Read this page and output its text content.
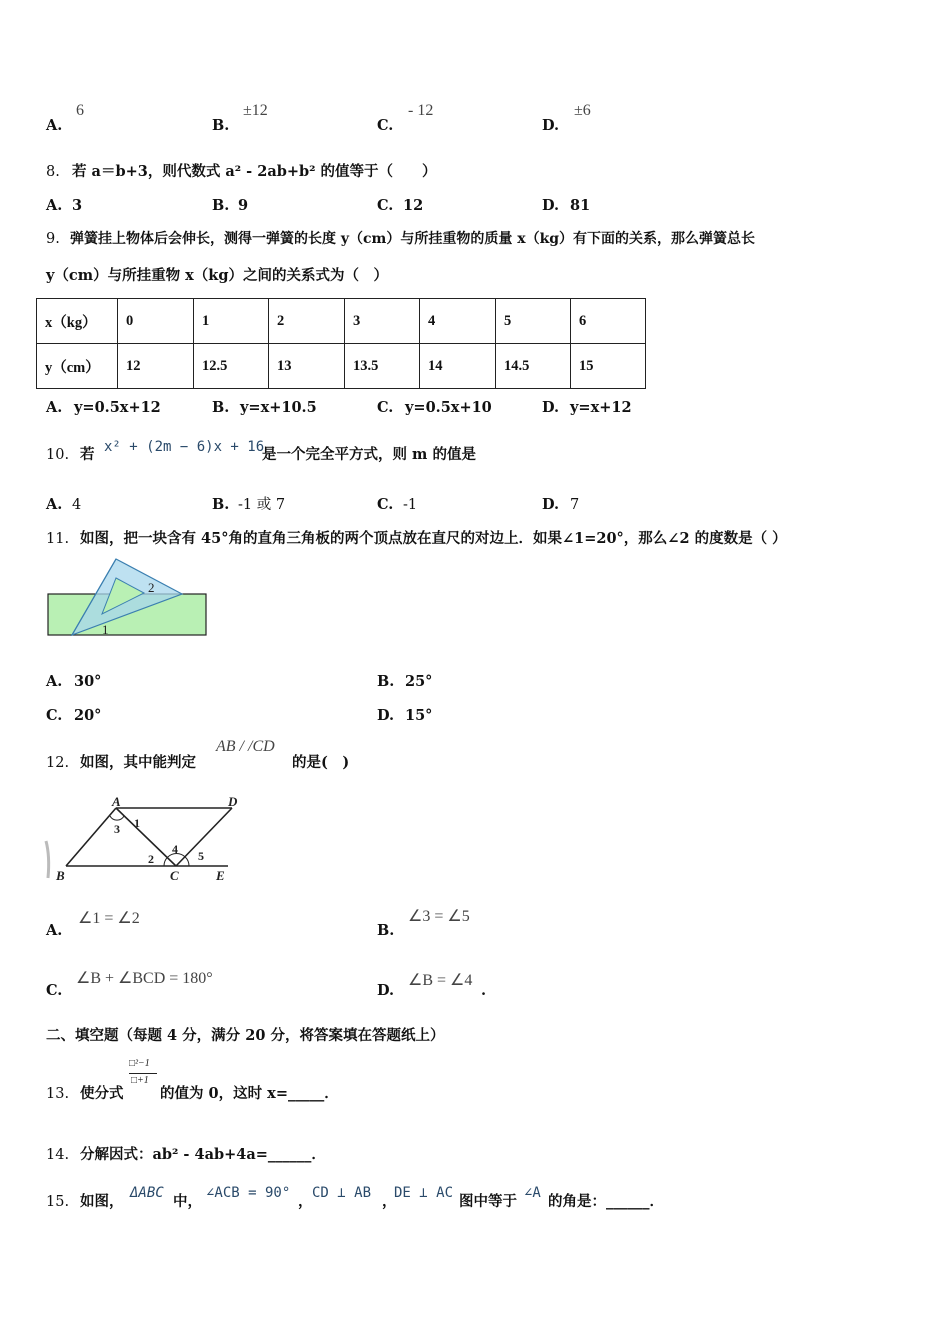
A.
6
B.
±12
C.
- 12
D.
±6
8. 若 a＝b+3，则代数式 a² - 2ab+b² 的值等于（　　）
A. 3	B. 9	C. 12	D. 81
9. 弹簧挂上物体后会伸长，测得一弹簧的长度 y（cm）与所挂重物的质量 x（kg）有下面的关系，那么弹簧总长
y（cm）与所挂重物 x（kg）之间的关系式为（　）
x（kg）	0	1	2	3	4	5	6
y（cm）	12	12.5	13	13.5	14	14.5	15
A. y=0.5x+12	B. y=x+10.5	C. y=0.5x+10	D. y=x+12
10. 若 x² + (2m − 6)x + 16
是一个完全平方式，则 m 的值是
A. 4	B. -1 或 7	C. -1	D. 7
11. 如图，把一块含有 45°角的直角三角板的两个顶点放在直尺的对边上．如果∠1=20°，那么∠2 的度数是（ ）
2
1
A. 30°	B. 25°
C. 20°	D. 15°
12. 如图，其中能判定
AB / /CD
的是(　)
A	D
B	C	E
1
2
3
4 5
A.
∠1 = ∠2
B.
∠3 = ∠5
C.
∠B + ∠BCD = 180°
D.
∠B = ∠4
.
二、填空题（每题 4 分，满分 20 分，将答案填在答题纸上）
13. 使分式
□²−1
□+1
的值为 0，这时 x=_____．
14. 分解因式：ab² - 4ab+4a=______．
15. 如图， ΔABC 中， ∠ACB = 90° ， CD ⊥ AB ，
DE ⊥ AC 图中等于 ∠A 的角是：______．
